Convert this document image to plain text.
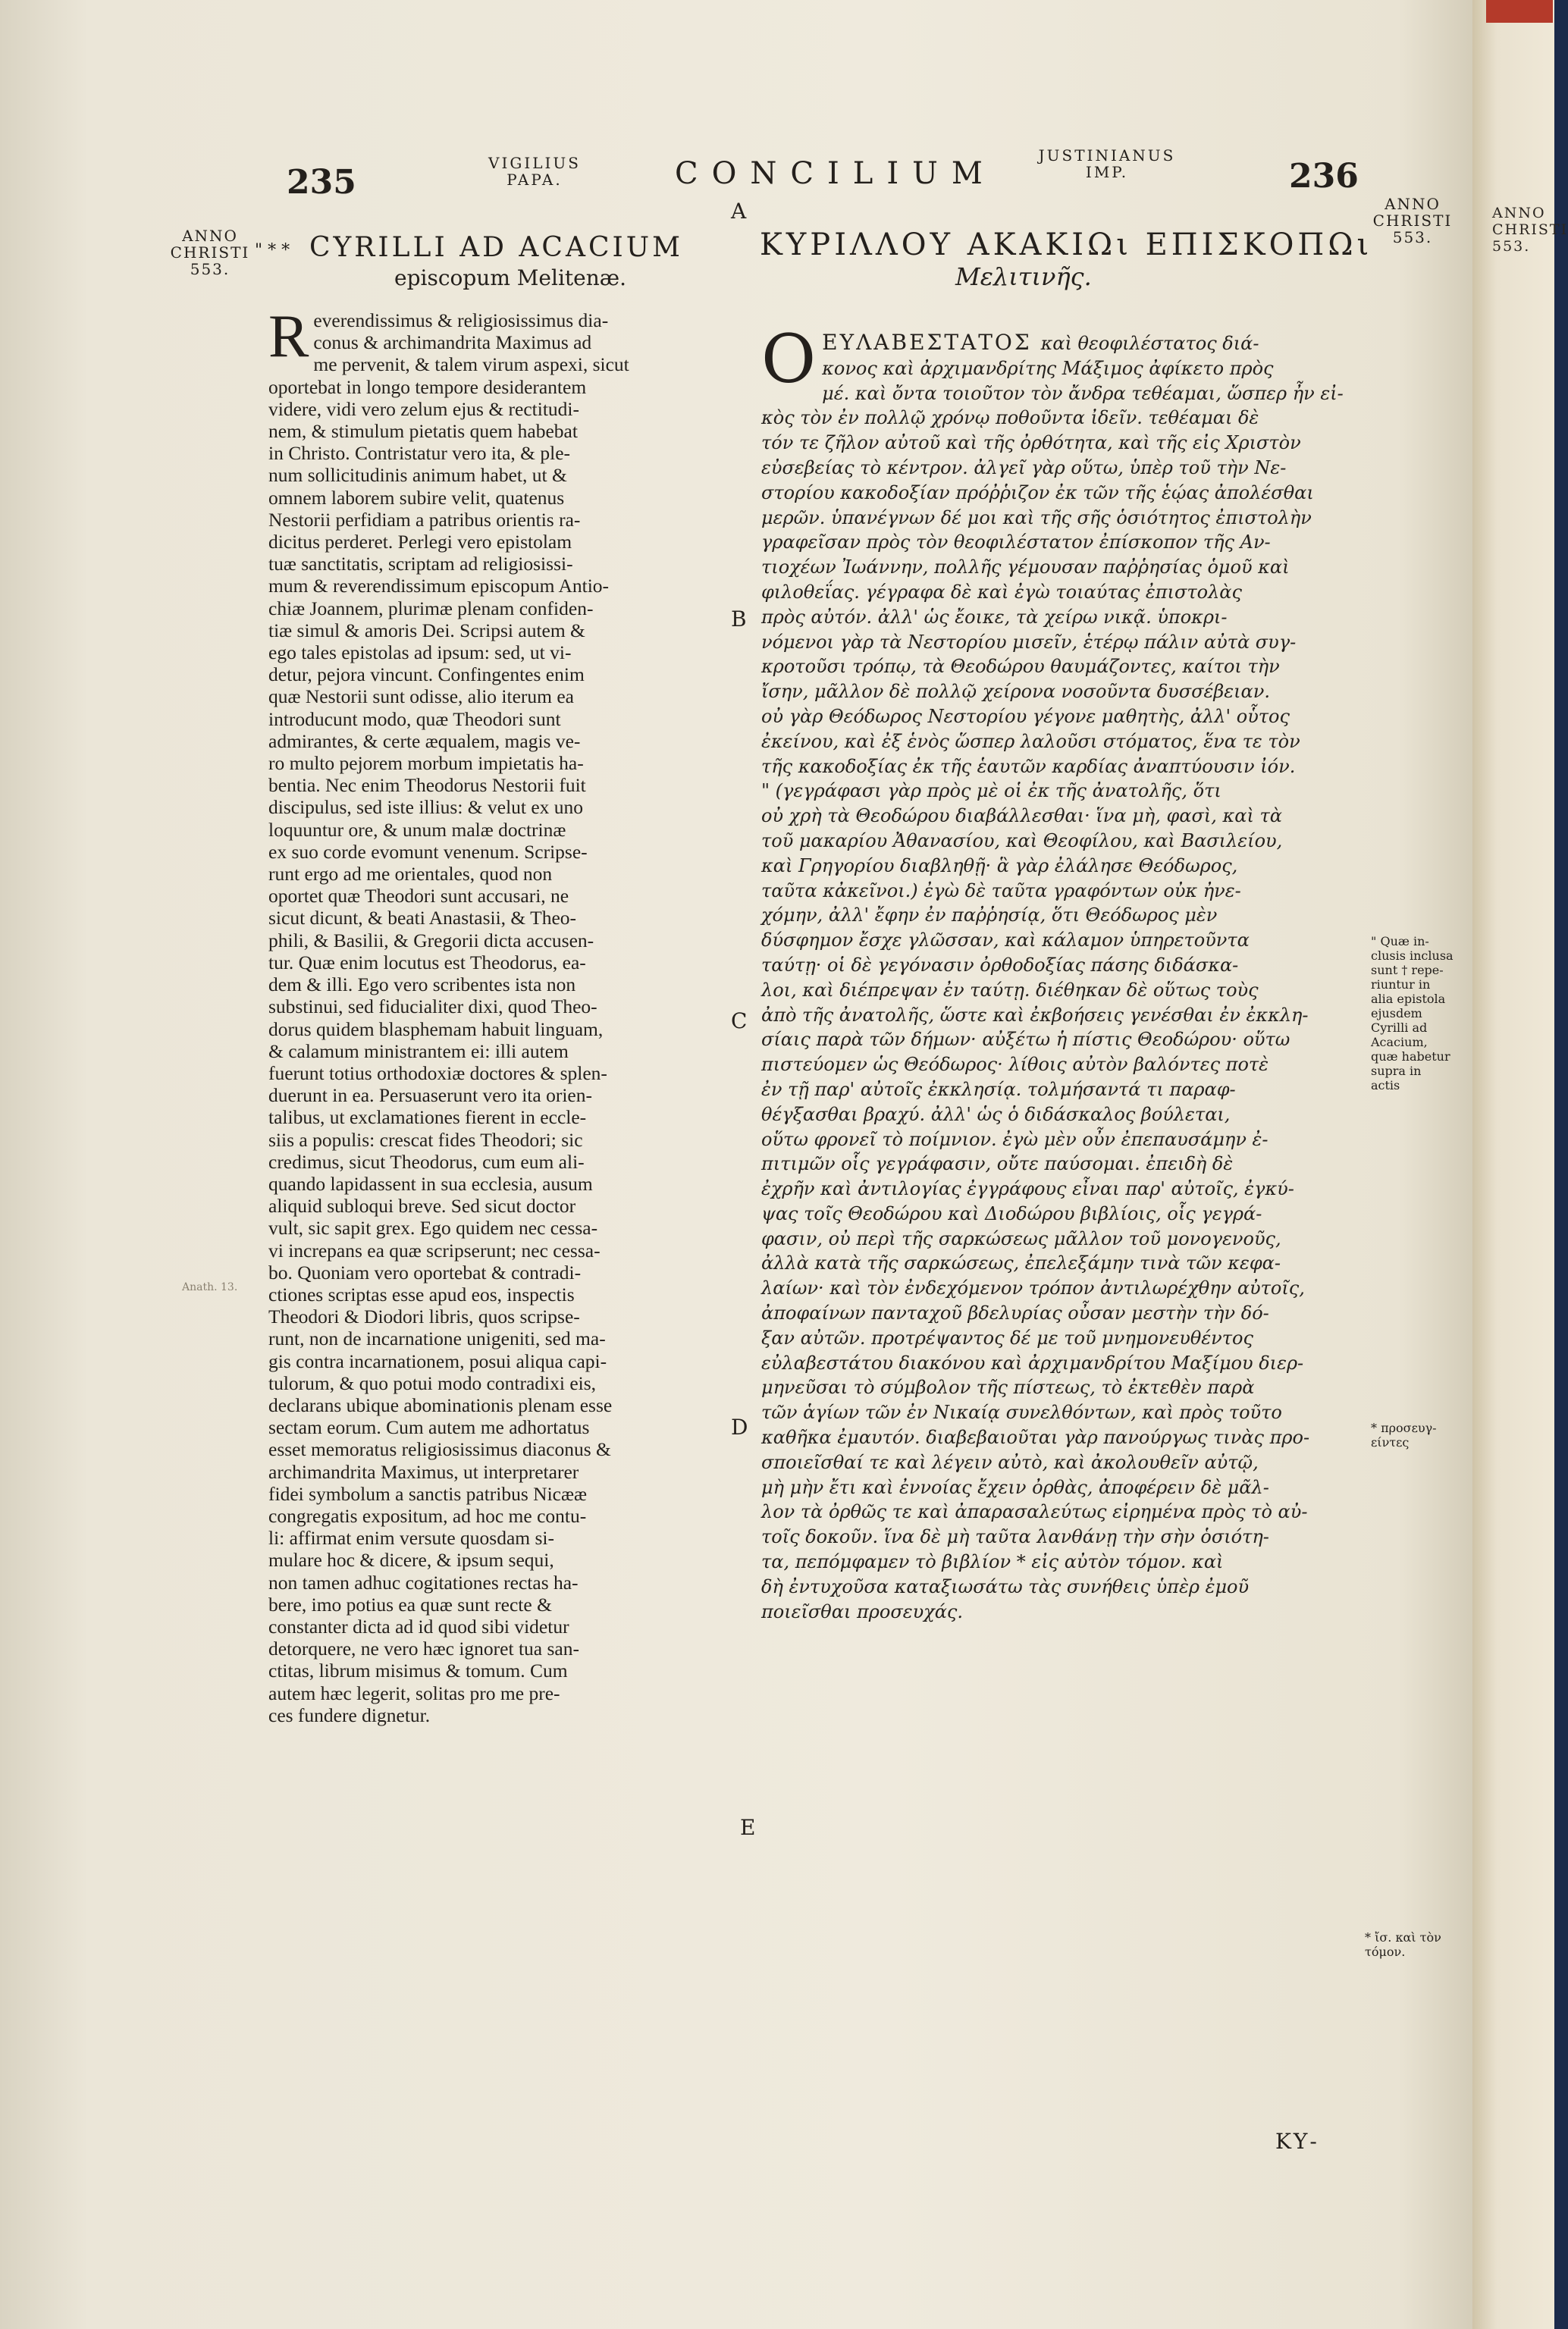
ANNO CHRISTI 553.
235	VIGILIUS
PAPA.	CONCILIUM
JUSTINIANUS
IMP.	236
ANNO
CHRISTI
553.
ANNO
CHRISTI
553.
A
B
C
D
E
" * * CYRILLI AD ACACIUM
episcopum Melitenæ.
R everendissimus & religiosissimus dia-

conus & archimandrita Maximus ad

me pervenit, & talem virum aspexi, sicut

oportebat in longo tempore desiderantem

videre, vidi vero zelum ejus & rectitudi-

nem, & stimulum pietatis quem habebat

in Christo. Contristatur vero ita, & ple-

num sollicitudinis animum habet, ut &

omnem laborem subire velit, quatenus

Nestorii perfidiam a patribus orientis ra-

dicitus perderet. Perlegi vero epistolam

tuæ sanctitatis, scriptam ad religiosissi-

mum & reverendissimum episcopum Antio-

chiæ Joannem, plurimæ plenam confiden-

tiæ simul & amoris Dei. Scripsi autem &

ego tales epistolas ad ipsum: sed, ut vi-

detur, pejora vincunt. Confingentes enim

quæ Nestorii sunt odisse, alio iterum ea

introducunt modo, quæ Theodori sunt

admirantes, & certe æqualem, magis ve-

ro multo pejorem morbum impietatis ha-

bentia. Nec enim Theodorus Nestorii fuit

discipulus, sed iste illius: & velut ex uno

loquuntur ore, & unum malæ doctrinæ

ex suo corde evomunt venenum. Scripse-

runt ergo ad me orientales, quod non

oportet quæ Theodori sunt accusari, ne

sicut dicunt, & beati Anastasii, & Theo-

phili, & Basilii, & Gregorii dicta accusen-

tur. Quæ enim locutus est Theodorus, ea-

dem & illi. Ego vero scribentes ista non

substinui, sed fiducialiter dixi, quod Theo-

dorus quidem blasphemam habuit linguam,

& calamum ministrantem ei: illi autem

fuerunt totius orthodoxiæ doctores & splen-

duerunt in ea. Persuaserunt vero ita orien-

talibus, ut exclamationes fierent in eccle-

siis a populis: crescat fides Theodori; sic

credimus, sicut Theodorus, cum eum ali-

quando lapidassent in sua ecclesia, ausum

aliquid subloqui breve. Sed sicut doctor

vult, sic sapit grex. Ego quidem nec cessa-

vi increpans ea quæ scripserunt; nec cessa-

bo. Quoniam vero oportebat & contradi-

ctiones scriptas esse apud eos, inspectis

Theodori & Diodori libris, quos scripse-

runt, non de incarnatione unigeniti, sed ma-

gis contra incarnationem, posui aliqua capi-

tulorum, & quo potui modo contradixi eis,

declarans ubique abominationis plenam esse

sectam eorum. Cum autem me adhortatus

esset memoratus religiosissimus diaconus &

archimandrita Maximus, ut interpretarer

fidei symbolum a sanctis patribus Nicææ

congregatis expositum, ad hoc me contu-

li: affirmat enim versute quosdam si-

mulare hoc & dicere, & ipsum sequi,

non tamen adhuc cogitationes rectas ha-

bere, imo potius ea quæ sunt recte &

constanter dicta ad id quod sibi videtur

detorquere, ne vero hæc ignoret tua san-

ctitas, librum misimus & tomum. Cum

autem hæc legerit, solitas pro me pre-

ces fundere dignetur.

Anath. 13.
ΚΥΡΙΛΛΟΥ ΑΚΑΚΙΩι ΕΠΙΣΚΟΠΩι
Μελιτινῆς.
Ο ΕΥΛΑΒΕΣΤΑΤΟΣ καὶ θεοφιλέστατος διά-

κονος καὶ ἀρχιμανδρίτης Μάξιμος ἀφίκετο πρὸς

μέ. καὶ ὄντα τοιοῦτον τὸν ἄνδρα τεθέαμαι, ὥσπερ ἦν εἰ-

κὸς τὸν ἐν πολλῷ χρόνῳ ποθοῦντα ἰδεῖν. τεθέαμαι δὲ

τόν τε ζῆλον αὐτοῦ καὶ τῆς ὀρθότητα, καὶ τῆς εἰς Χριστὸν

εὐσεβείας τὸ κέντρον. ἀλγεῖ γὰρ οὕτω, ὑπὲρ τοῦ τὴν Νε-

στορίου κακοδοξίαν πρόῤῥιζον ἐκ τῶν τῆς ἑῴας ἀπολέσθαι

μερῶν. ὑπανέγνων δέ μοι καὶ τῆς σῆς ὁσιότητος ἐπιστολὴν

γραφεῖσαν πρὸς τὸν θεοφιλέστατον ἐπίσκοπον τῆς Αν-

τιοχέων Ἰωάννην, πολλῆς γέμουσαν παῤῥησίας ὁμοῦ καὶ

φιλοθεΐας. γέγραφα δὲ καὶ ἐγὼ τοιαύτας ἐπιστολὰς

πρὸς αὐτόν. ἀλλ' ὡς ἔοικε, τὰ χείρω νικᾷ. ὑποκρι-

νόμενοι γὰρ τὰ Νεστορίου μισεῖν, ἑτέρῳ πάλιν αὐτὰ συγ-

κροτοῦσι τρόπῳ, τὰ Θεοδώρου θαυμάζοντες, καίτοι τὴν

ἴσην, μᾶλλον δὲ πολλῷ χείρονα νοσοῦντα δυσσέβειαν.

οὐ γὰρ Θεόδωρος Νεστορίου γέγονε μαθητὴς, ἀλλ' οὗτος

ἐκείνου, καὶ ἐξ ἑνὸς ὥσπερ λαλοῦσι στόματος, ἕνα τε τὸν

τῆς κακοδοξίας ἐκ τῆς ἑαυτῶν καρδίας ἀναπτύουσιν ἰόν.

" (γεγράφασι γὰρ πρὸς μὲ οἱ ἐκ τῆς ἀνατολῆς, ὅτι

οὐ χρὴ τὰ Θεοδώρου διαβάλλεσθαι· ἵνα μὴ, φασὶ, καὶ τὰ

τοῦ μακαρίου Ἀθανασίου, καὶ Θεοφίλου, καὶ Βασιλείου,

καὶ Γρηγορίου διαβληθῇ· ἃ γὰρ ἐλάλησε Θεόδωρος,

ταῦτα κἀκεῖνοι.) ἐγὼ δὲ ταῦτα γραφόντων οὐκ ἠνε-

χόμην, ἀλλ' ἔφην ἐν παῤῥησίᾳ, ὅτι Θεόδωρος μὲν

δύσφημον ἔσχε γλῶσσαν, καὶ κάλαμον ὑπηρετοῦντα

ταύτῃ· οἱ δὲ γεγόνασιν ὀρθοδοξίας πάσης διδάσκα-

λοι, καὶ διέπρεψαν ἐν ταύτῃ. διέθηκαν δὲ οὕτως τοὺς

ἀπὸ τῆς ἀνατολῆς, ὥστε καὶ ἐκβοήσεις γενέσθαι ἐν ἐκκλη-

σίαις παρὰ τῶν δήμων· αὐξέτω ἡ πίστις Θεοδώρου· οὕτω

πιστεύομεν ὡς Θεόδωρος· λίθοις αὐτὸν βαλόντες ποτὲ

ἐν τῇ παρ' αὐτοῖς ἐκκλησίᾳ. τολμήσαντά τι παραφ-

θέγξασθαι βραχύ. ἀλλ' ὡς ὁ διδάσκαλος βούλεται,

οὕτω φρονεῖ τὸ ποίμνιον. ἐγὼ μὲν οὖν ἐπεπαυσάμην ἐ-

πιτιμῶν οἷς γεγράφασιν, οὔτε παύσομαι. ἐπειδὴ δὲ

ἐχρῆν καὶ ἀντιλογίας ἐγγράφους εἶναι παρ' αὐτοῖς, ἐγκύ-

ψας τοῖς Θεοδώρου καὶ Διοδώρου βιβλίοις, οἷς γεγρά-

φασιν, οὐ περὶ τῆς σαρκώσεως μᾶλλον τοῦ μονογενοῦς,

ἀλλὰ κατὰ τῆς σαρκώσεως, ἐπελεξάμην τινὰ τῶν κεφα-

λαίων· καὶ τὸν ἐνδεχόμενον τρόπον ἀντιλωρέχθην αὐτοῖς,

ἀποφαίνων πανταχοῦ βδελυρίας οὖσαν μεστὴν τὴν δό-

ξαν αὐτῶν. προτρέψαντος δέ με τοῦ μνημονευθέντος

εὐλαβεστάτου διακόνου καὶ ἀρχιμανδρίτου Μαξίμου διερ-

μηνεῦσαι τὸ σύμβολον τῆς πίστεως, τὸ ἐκτεθὲν παρὰ

τῶν ἁγίων τῶν ἐν Νικαίᾳ συνελθόντων, καὶ πρὸς τοῦτο

καθῆκα ἐμαυτόν. διαβεβαιοῦται γὰρ πανούργως τινὰς προ-

σποιεῖσθαί τε καὶ λέγειν αὐτὸ, καὶ ἀκολουθεῖν αὐτῷ,

μὴ μὴν ἔτι καὶ ἐννοίας ἔχειν ὀρθὰς, ἀποφέρειν δὲ μᾶλ-

λον τὰ ὀρθῶς τε καὶ ἀπαρασαλεύτως εἰρημένα πρὸς τὸ αὐ-

τοῖς δοκοῦν. ἵνα δὲ μὴ ταῦτα λανθάνῃ τὴν σὴν ὁσιότη-

τα, πεπόμφαμεν τὸ βιβλίον * εἰς αὐτὸν τόμον. καὶ

δὴ ἐντυχοῦσα καταξιωσάτω τὰς συνήθεις ὑπὲρ ἐμοῦ

ποιεῖσθαι προσευχάς.

ΚΥ-
" Quæ in-
clusis inclusa
sunt † repe-
riuntur in
alia epistola
ejusdem
Cyrilli ad
Acacium,
quæ habetur
supra in
actis
* προσευγ-
είντες
* ἴσ. καὶ τὸν
τόμον.
